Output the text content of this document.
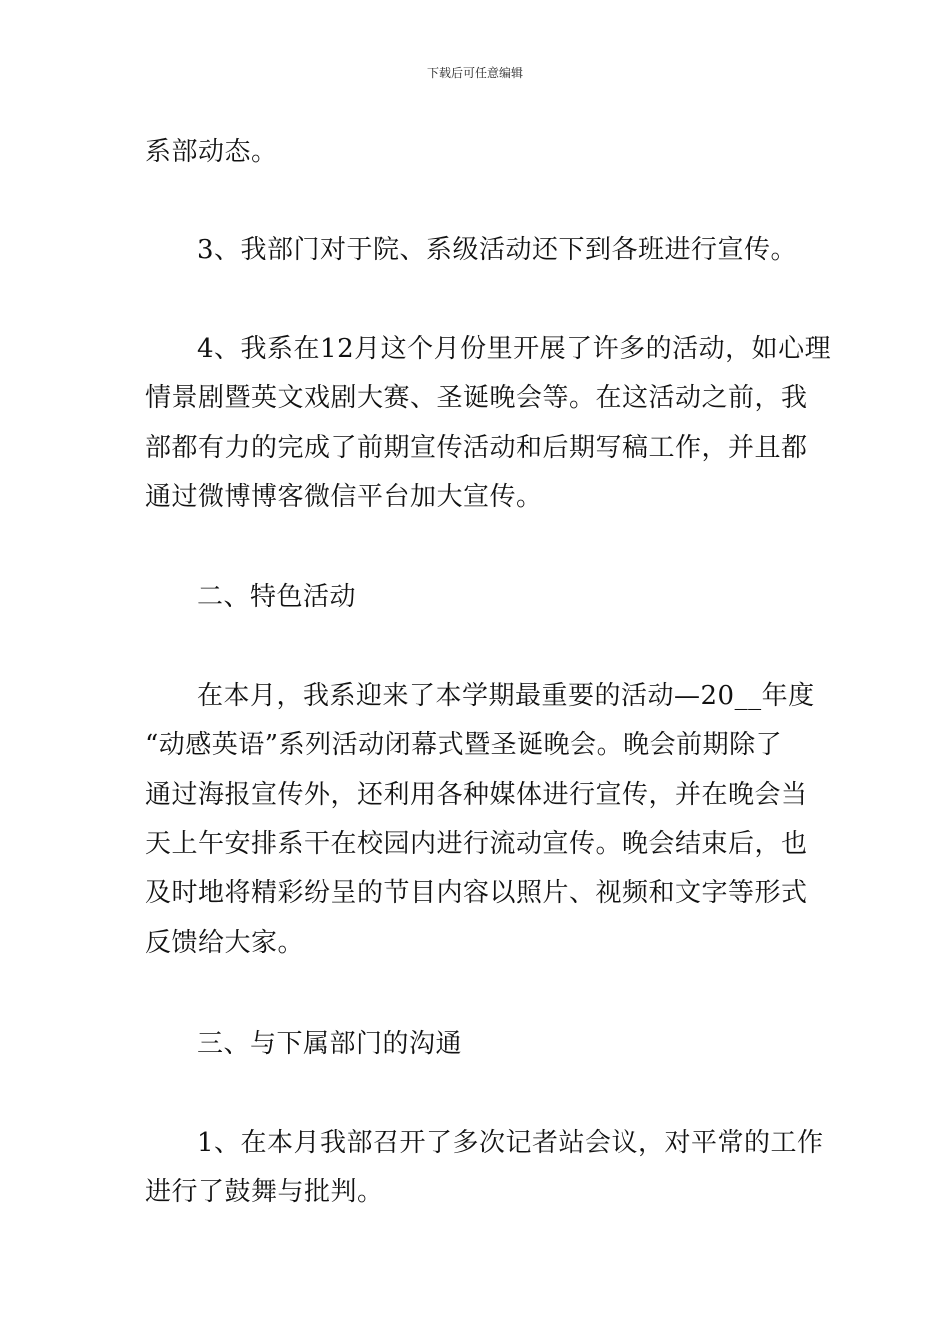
下载后可任意编辑
系部动态。
3、我部门对于院、系级活动还下到各班进行宣传。
4、我系在12月这个月份里开展了许多的活动，如心理
情景剧暨英文戏剧大赛、圣诞晚会等。在这活动之前，我
部都有力的完成了前期宣传活动和后期写稿工作，并且都
通过微博博客微信平台加大宣传。
二、特色活动
在本月，我系迎来了本学期最重要的活动—20__年度
“动感英语”系列活动闭幕式暨圣诞晚会。晚会前期除了
通过海报宣传外，还利用各种媒体进行宣传，并在晚会当
天上午安排系干在校园内进行流动宣传。晚会结束后，也
及时地将精彩纷呈的节目内容以照片、视频和文字等形式
反馈给大家。
三、与下属部门的沟通
1、在本月我部召开了多次记者站会议，对平常的工作
进行了鼓舞与批判。
